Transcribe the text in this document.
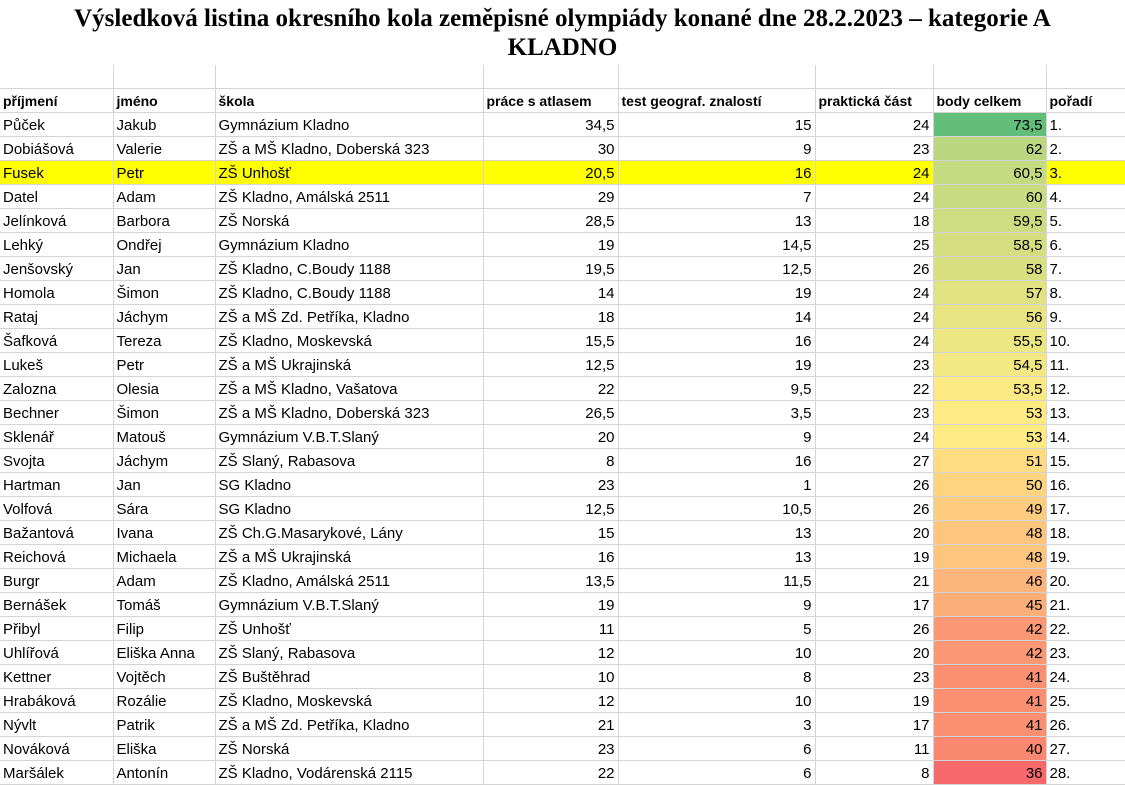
Výsledková listina okresního kola zeměpisné olympiády konané dne 28.2.2023 – kategorie A
KLADNO

příjmení	jméno	škola	práce s atlasem	test geograf. znalostí	praktická část	body celkem	pořadí
Půček	Jakub	Gymnázium Kladno	34,5	15	24	73,5	1.
Dobiášová	Valerie	ZŠ a MŠ Kladno, Doberská 323	30	9	23	62	2.
Fusek	Petr	ZŠ Unhošť	20,5	16	24	60,5	3.
Datel	Adam	ZŠ Kladno, Amálská 2511	29	7	24	60	4.
Jelínková	Barbora	ZŠ Norská	28,5	13	18	59,5	5.
Lehký	Ondřej	Gymnázium Kladno	19	14,5	25	58,5	6.
Jenšovský	Jan	ZŠ Kladno, C.Boudy 1188	19,5	12,5	26	58	7.
Homola	Šimon	ZŠ Kladno, C.Boudy 1188	14	19	24	57	8.
Rataj	Jáchym	ZŠ a MŠ Zd. Petříka, Kladno	18	14	24	56	9.
Šafková	Tereza	ZŠ Kladno, Moskevská	15,5	16	24	55,5	10.
Lukeš	Petr	ZŠ a MŠ Ukrajinská	12,5	19	23	54,5	11.
Zalozna	Olesia	ZŠ a MŠ Kladno, Vašatova	22	9,5	22	53,5	12.
Bechner	Šimon	ZŠ a MŠ Kladno, Doberská 323	26,5	3,5	23	53	13.
Sklenář	Matouš	Gymnázium V.B.T.Slaný	20	9	24	53	14.
Svojta	Jáchym	ZŠ Slaný, Rabasova	8	16	27	51	15.
Hartman	Jan	SG Kladno	23	1	26	50	16.
Volfová	Sára	SG Kladno	12,5	10,5	26	49	17.
Bažantová	Ivana	ZŠ Ch.G.Masarykové, Lány	15	13	20	48	18.
Reichová	Michaela	ZŠ a MŠ Ukrajinská	16	13	19	48	19.
Burgr	Adam	ZŠ Kladno, Amálská 2511	13,5	11,5	21	46	20.
Bernášek	Tomáš	Gymnázium V.B.T.Slaný	19	9	17	45	21.
Přibyl	Filip	ZŠ Unhošť	11	5	26	42	22.
Uhlířová	Eliška Anna	ZŠ Slaný, Rabasova	12	10	20	42	23.
Kettner	Vojtěch	ZŠ Buštěhrad	10	8	23	41	24.
Hrabáková	Rozálie	ZŠ Kladno, Moskevská	12	10	19	41	25.
Nývlt	Patrik	ZŠ a MŠ Zd. Petříka, Kladno	21	3	17	41	26.
Nováková	Eliška	ZŠ Norská	23	6	11	40	27.
Maršálek	Antonín	ZŠ Kladno, Vodárenská 2115	22	6	8	36	28.
